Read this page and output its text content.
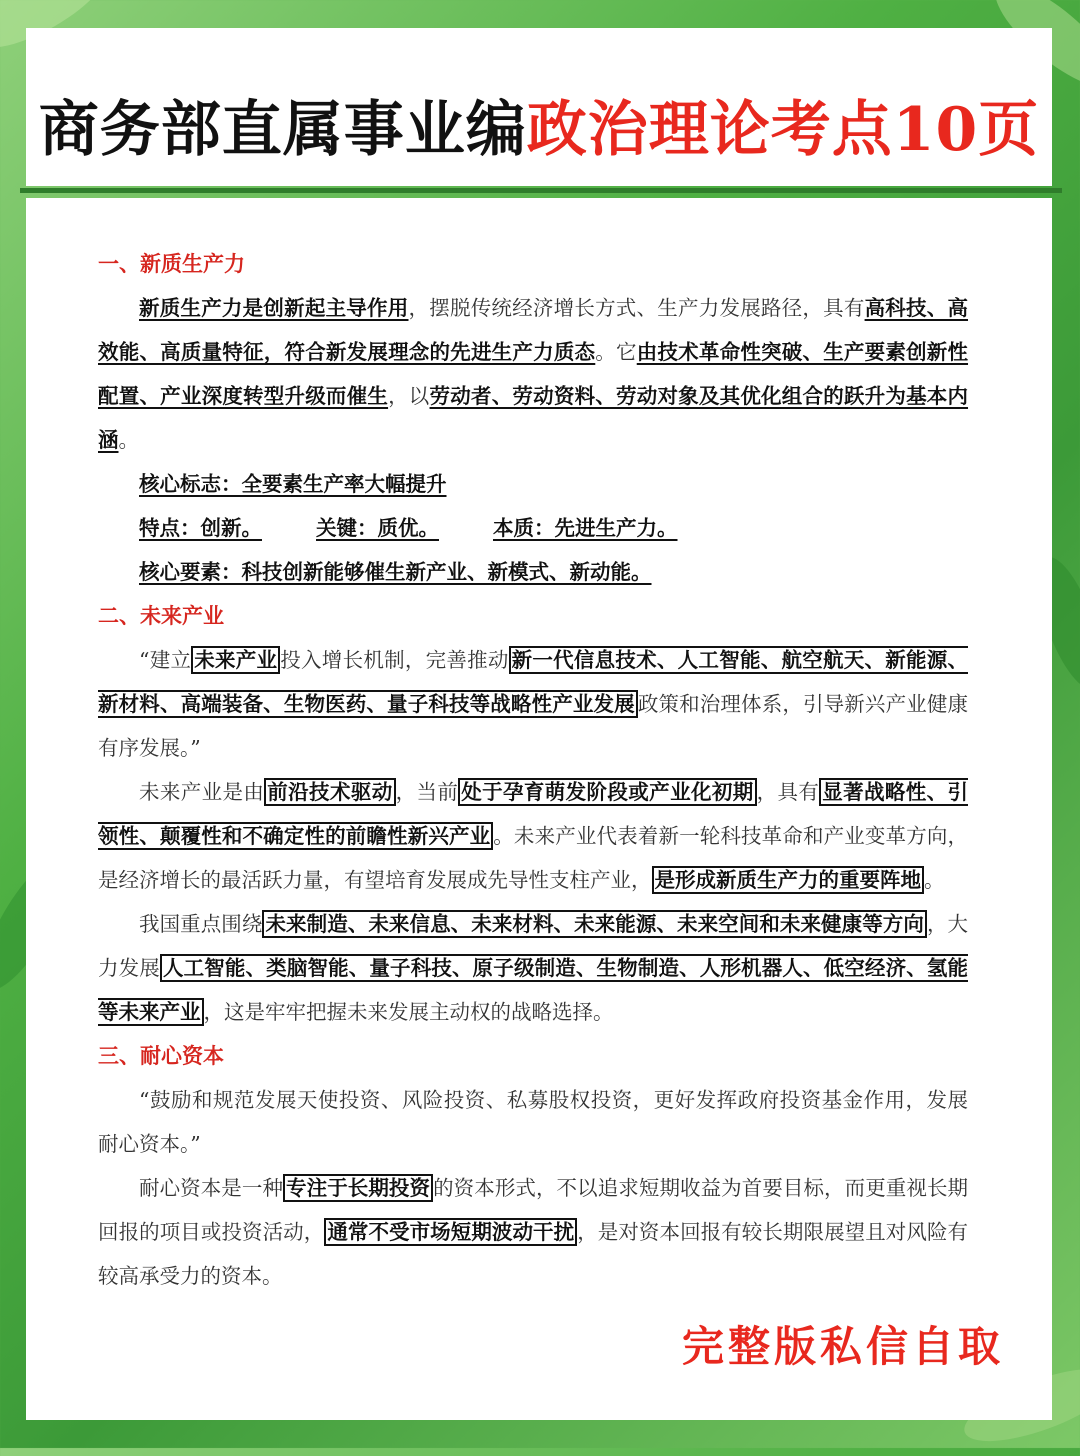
商务部直属事业编政治理论考点10页
一、新质生产力

新质生产力是创新起主导作用，摆脱传统经济增长方式、生产力发展路径，具有高科技、高效能、高质量特征，符合新发展理念的先进生产力质态。它由技术革命性突破、生产要素创新性配置、产业深度转型升级而催生，以劳动者、劳动资料、劳动对象及其优化组合的跃升为基本内涵。

核心标志：全要素生产率大幅提升
特点：创新。	关键：质优。	本质：先进生产力。
核心要素：科技创新能够催生新产业、新模式、新动能。
二、未来产业

“建立 未来产业 投入增长机制，完善推动 新一代信息技术、人工智能、航空航天、新能源、新材料、高端装备、生物医药、量子科技等战略性产业发展 政策和治理体系，引导新兴产业健康有序发展。”

未来产业是由 前沿技术驱动 ，当前 处于孕育萌发阶段或产业化初期 ，具有 显著战略性、引领性、颠覆性和不确定性的前瞻性新兴产业 。未来产业代表着新一轮科技革命和产业变革方向，是经济增长的最活跃力量，有望培育发展成先导性支柱产业， 是形成新质生产力的重要阵地 。

我国重点围绕 未来制造、未来信息、未来材料、未来能源、未来空间和未来健康等方向 ，大力发展 人工智能、类脑智能、量子科技、原子级制造、生物制造、人形机器人、低空经济、氢能等未来产业 ，这是牢牢把握未来发展主动权的战略选择。

三、耐心资本

“鼓励和规范发展天使投资、风险投资、私募股权投资，更好发挥政府投资基金作用，发展耐心资本。”

耐心资本是一种 专注于长期投资 的资本形式，不以追求短期收益为首要目标，而更重视长期回报的项目或投资活动， 通常不受市场短期波动干扰 ，是对资本回报有较长期限展望且对风险有较高承受力的资本。

完整版私信自取
